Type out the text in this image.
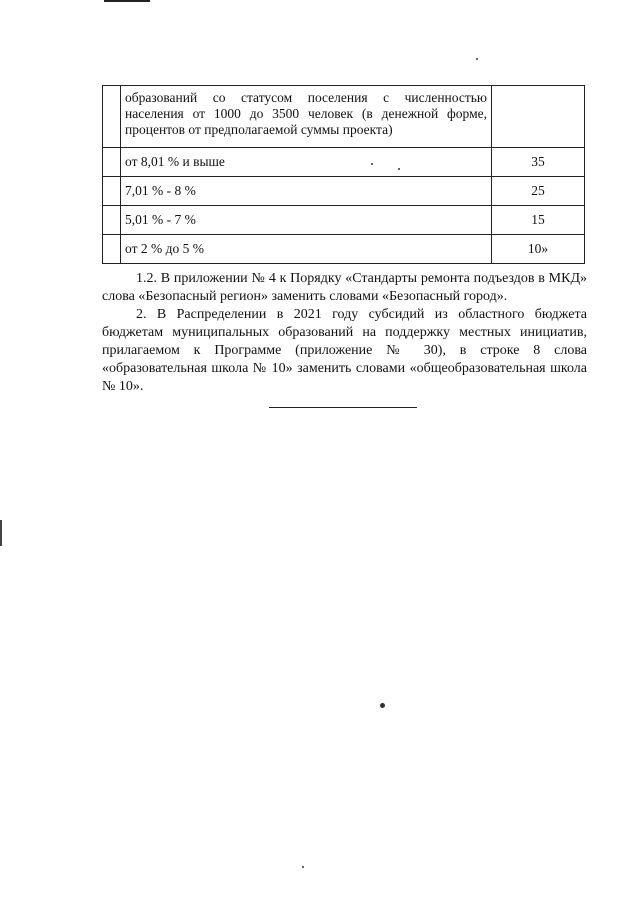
	образований со статусом поселения с численностью населения от 1000 до 3500 человек (в денежной форме, процентов от предполагаемой суммы проекта)	
	от 8,01 % и выше	35
	7,01 % - 8 %	25
	5,01 % - 7 %	15
	от 2 % до 5 %	10»

1.2. В приложении № 4 к Порядку «Стандарты ремонта подъездов в МКД» слова «Безопасный регион» заменить словами «Безопасный город».

2. В Распределении в 2021 году субсидий из областного бюджета бюджетам муниципальных образований на поддержку местных инициатив, прилагаемом к Программе (приложение № 30), в строке 8 слова «образовательная школа № 10» заменить словами «общеобразовательная школа № 10».
